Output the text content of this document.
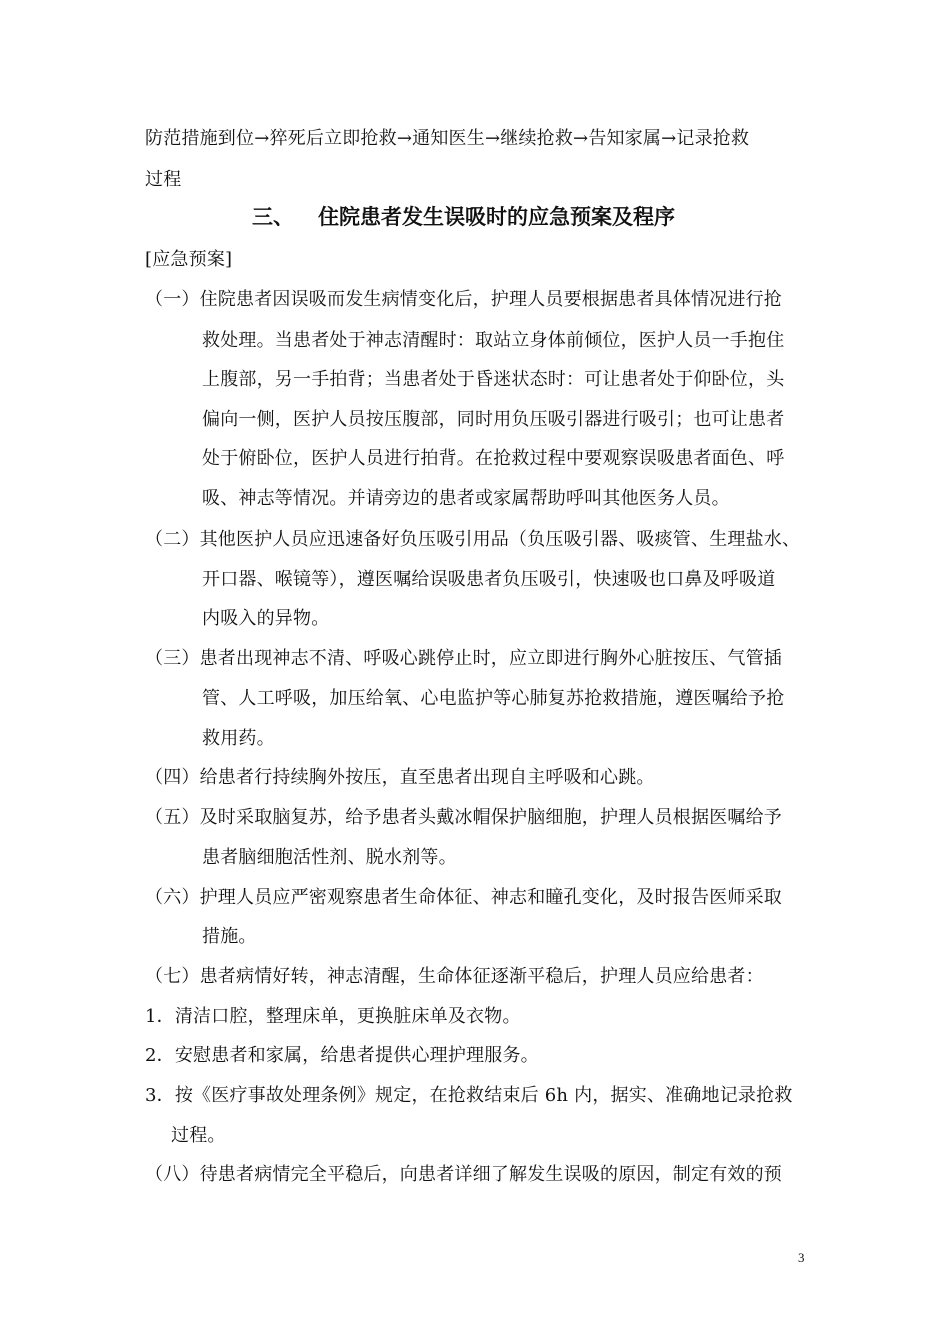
防范措施到位→猝死后立即抢救→通知医生→继续抢救→告知家属→记录抢救
过程
三、 住院患者发生误吸时的应急预案及程序
[应急预案]
（一）住院患者因误吸而发生病情变化后，护理人员要根据患者具体情况进行抢
救处理。当患者处于神志清醒时：取站立身体前倾位，医护人员一手抱住
上腹部，另一手拍背；当患者处于昏迷状态时：可让患者处于仰卧位，头
偏向一侧，医护人员按压腹部，同时用负压吸引器进行吸引；也可让患者
处于俯卧位，医护人员进行拍背。在抢救过程中要观察误吸患者面色、呼
吸、神志等情况。并请旁边的患者或家属帮助呼叫其他医务人员。
（二）其他医护人员应迅速备好负压吸引用品（负压吸引器、吸痰管、生理盐水、
开口器、喉镜等），遵医嘱给误吸患者负压吸引，快速吸也口鼻及呼吸道
内吸入的异物。
（三）患者出现神志不清、呼吸心跳停止时，应立即进行胸外心脏按压、气管插
管、人工呼吸，加压给氧、心电监护等心肺复苏抢救措施，遵医嘱给予抢
救用药。
（四）给患者行持续胸外按压，直至患者出现自主呼吸和心跳。
（五）及时采取脑复苏，给予患者头戴冰帽保护脑细胞，护理人员根据医嘱给予
患者脑细胞活性剂、脱水剂等。
（六）护理人员应严密观察患者生命体征、神志和瞳孔变化，及时报告医师采取
措施。
（七）患者病情好转，神志清醒，生命体征逐渐平稳后，护理人员应给患者：
1．清洁口腔，整理床单，更换脏床单及衣物。
2．安慰患者和家属，给患者提供心理护理服务。
3．按《医疗事故处理条例》规定，在抢救结束后 6h 内，据实、准确地记录抢救
过程。
（八）待患者病情完全平稳后，向患者详细了解发生误吸的原因，制定有效的预
3
